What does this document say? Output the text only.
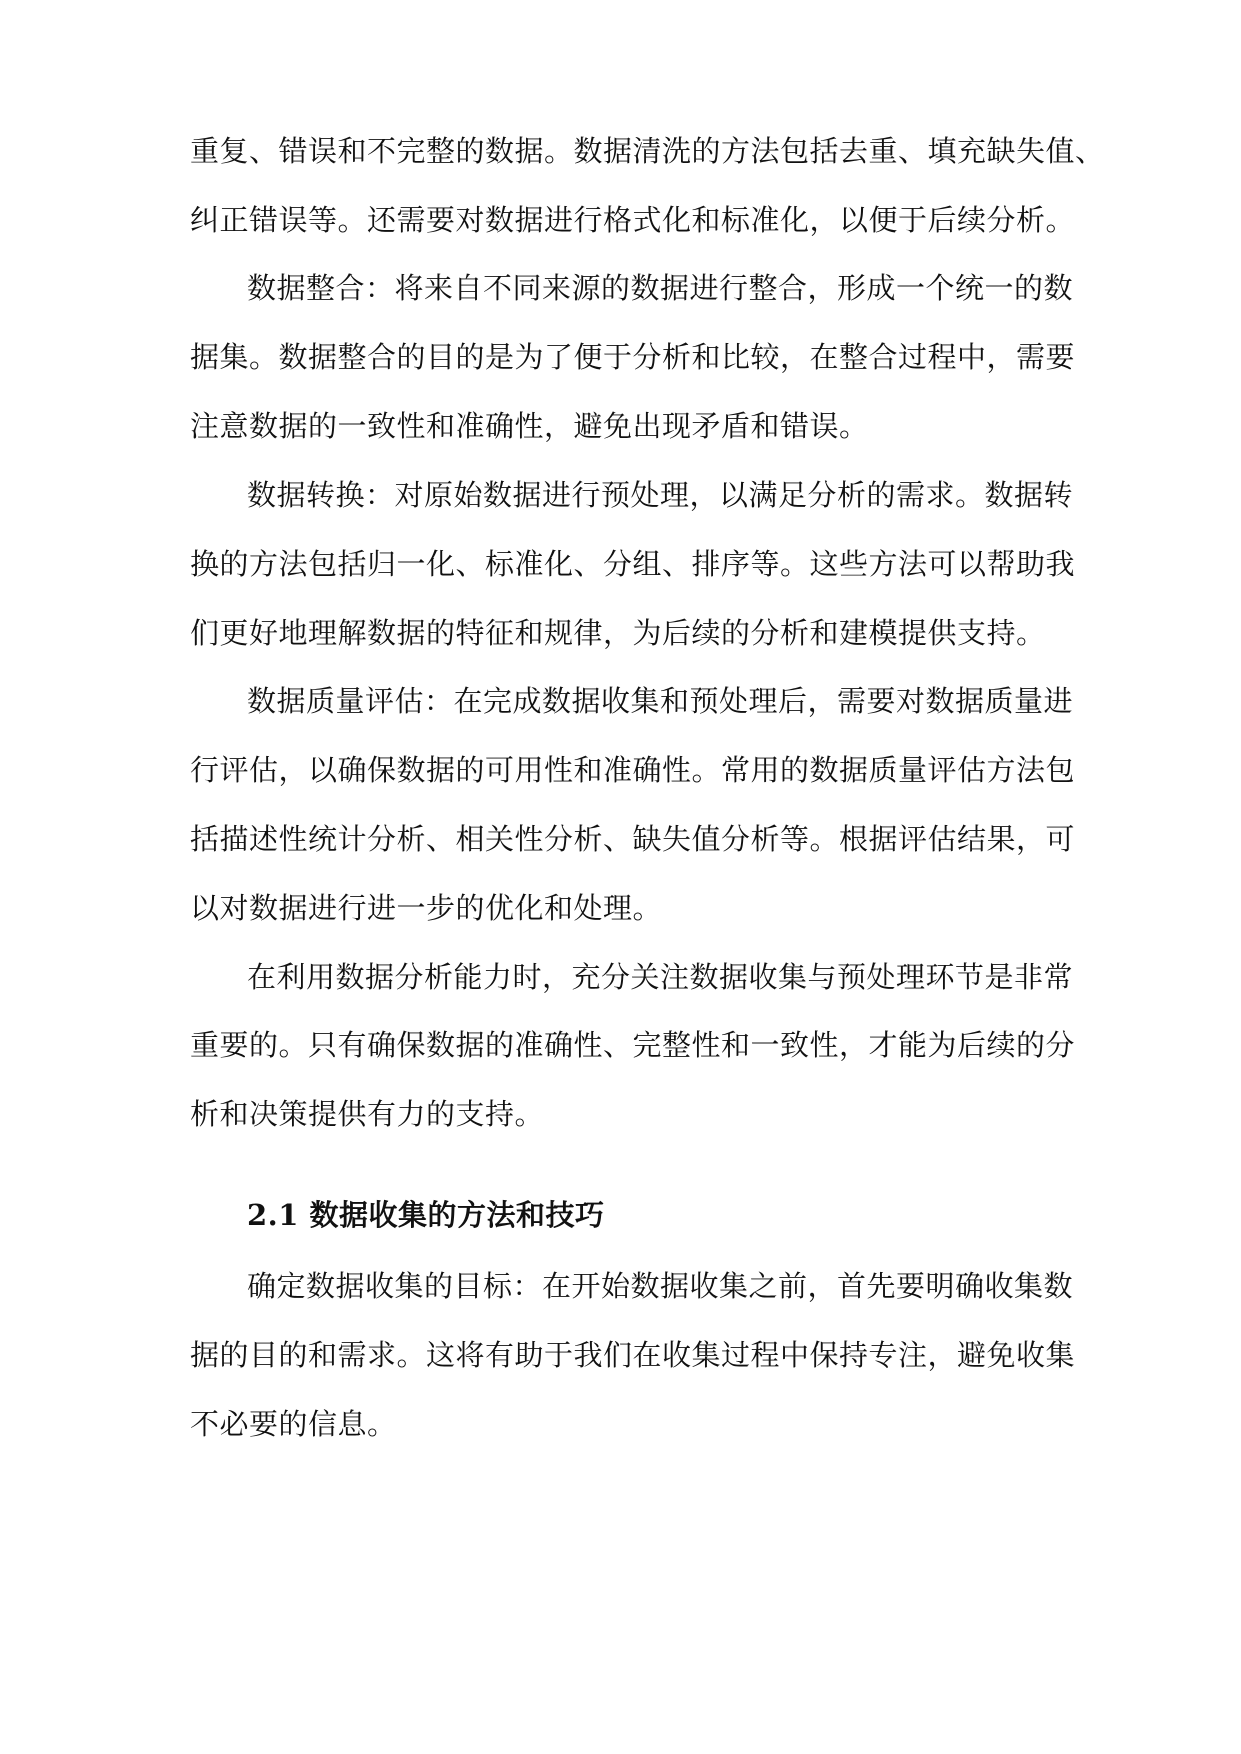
重复、错误和不完整的数据。数据清洗的方法包括去重、填充缺失值、
纠正错误等。还需要对数据进行格式化和标准化，以便于后续分析。
数据整合：将来自不同来源的数据进行整合，形成一个统一的数
据集。数据整合的目的是为了便于分析和比较，在整合过程中，需要
注意数据的一致性和准确性，避免出现矛盾和错误。
数据转换：对原始数据进行预处理，以满足分析的需求。数据转
换的方法包括归一化、标准化、分组、排序等。这些方法可以帮助我
们更好地理解数据的特征和规律，为后续的分析和建模提供支持。
数据质量评估：在完成数据收集和预处理后，需要对数据质量进
行评估，以确保数据的可用性和准确性。常用的数据质量评估方法包
括描述性统计分析、相关性分析、缺失值分析等。根据评估结果，可
以对数据进行进一步的优化和处理。
在利用数据分析能力时，充分关注数据收集与预处理环节是非常
重要的。只有确保数据的准确性、完整性和一致性，才能为后续的分
析和决策提供有力的支持。
2.1 数据收集的方法和技巧
确定数据收集的目标：在开始数据收集之前，首先要明确收集数
据的目的和需求。这将有助于我们在收集过程中保持专注，避免收集
不必要的信息。
